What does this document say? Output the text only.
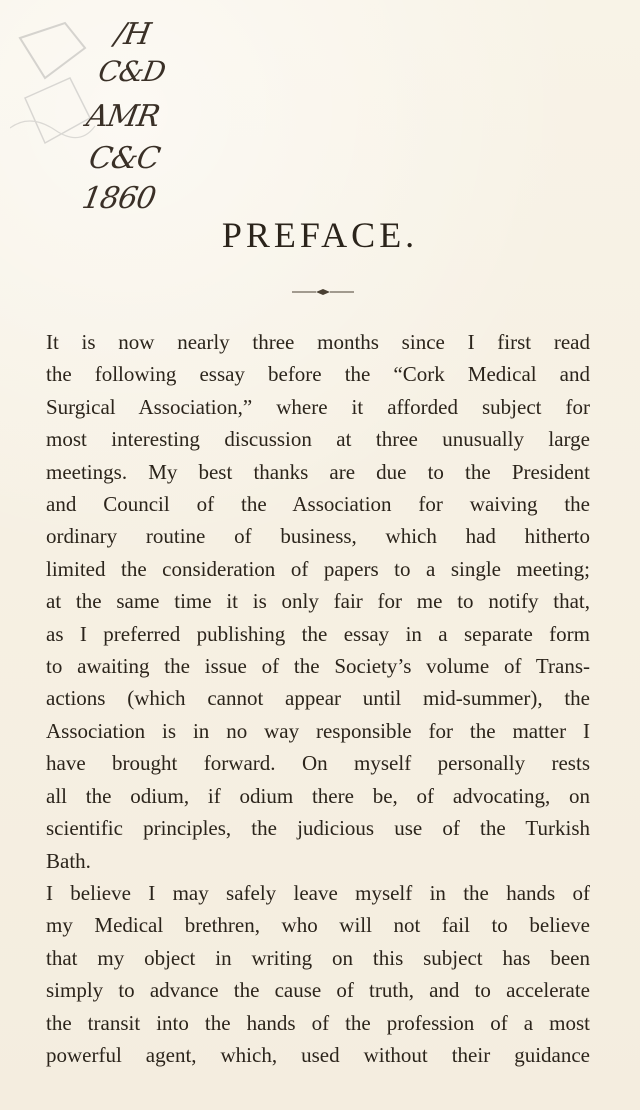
/H
C&D
AMR
C&C
1860
PREFACE.

It is now nearly three months since I first read
the following essay before the “Cork Medical and
Surgical Association,” where it afforded subject for
most interesting discussion at three unusually large
meetings. My best thanks are due to the President
and Council of the Association for waiving the
ordinary routine of business, which had hitherto
limited the consideration of papers to a single meeting;
at the same time it is only fair for me to notify that,
as I preferred publishing the essay in a separate form
to awaiting the issue of the Society’s volume of Trans-
actions (which cannot appear until mid-summer), the
Association is in no way responsible for the matter I
have brought forward. On myself personally rests
all the odium, if odium there be, of advocating, on
scientific principles, the judicious use of the Turkish
Bath.

I believe I may safely leave myself in the hands of
my Medical brethren, who will not fail to believe
that my object in writing on this subject has been
simply to advance the cause of truth, and to accelerate
the transit into the hands of the profession of a most
powerful agent, which, used without their guidance
